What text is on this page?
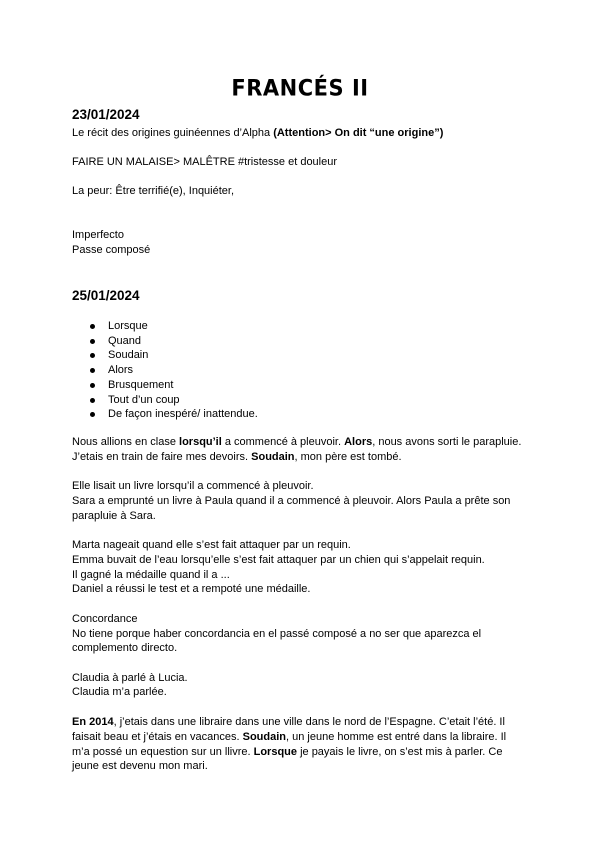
FRANCÉS II
23/01/2024
Le récit des origines guinéennes d’Alpha (Attention> On dit “une origine”)
FAIRE UN MALAISE> MALÊTRE #tristesse et douleur
La peur: Être terrifié(e), Inquiéter,
Imperfecto
Passe composé
25/01/2024
Lorsque
Quand
Soudain
Alors
Brusquement
Tout d’un coup
De façon inespéré/ inattendue.
Nous allions en clase lorsqu’il a commencé à pleuvoir. Alors, nous avons sorti le parapluie.
J’etais en train de faire mes devoirs. Soudain, mon père est tombé.
Elle lisait un livre lorsqu’il a commencé à pleuvoir.
Sara a emprunté un livre à Paula quand il a commencé à pleuvoir. Alors Paula a prête son
parapluie à Sara.
Marta nageait quand elle s’est fait attaquer par un requin.
Emma buvait de l’eau lorsqu’elle s’est fait attaquer par un chien qui s’appelait requin.
Il gagné la médaille quand il a ...
Daniel a réussi le test et a rempoté une médaille.
Concordance
No tiene porque haber concordancia en el passé composé a no ser que aparezca el
complemento directo.
Claudia à parlé à Lucia.
Claudia m’a parlée.
En 2014, j’etais dans une libraire dans une ville dans le nord de l’Espagne. C’etait l’été. Il
faisait beau et j’étais en vacances. Soudain, un jeune homme est entré dans la libraire. Il
m’a possé un equestion sur un llivre. Lorsque je payais le livre, on s’est mis à parler. Ce
jeune est devenu mon mari.
